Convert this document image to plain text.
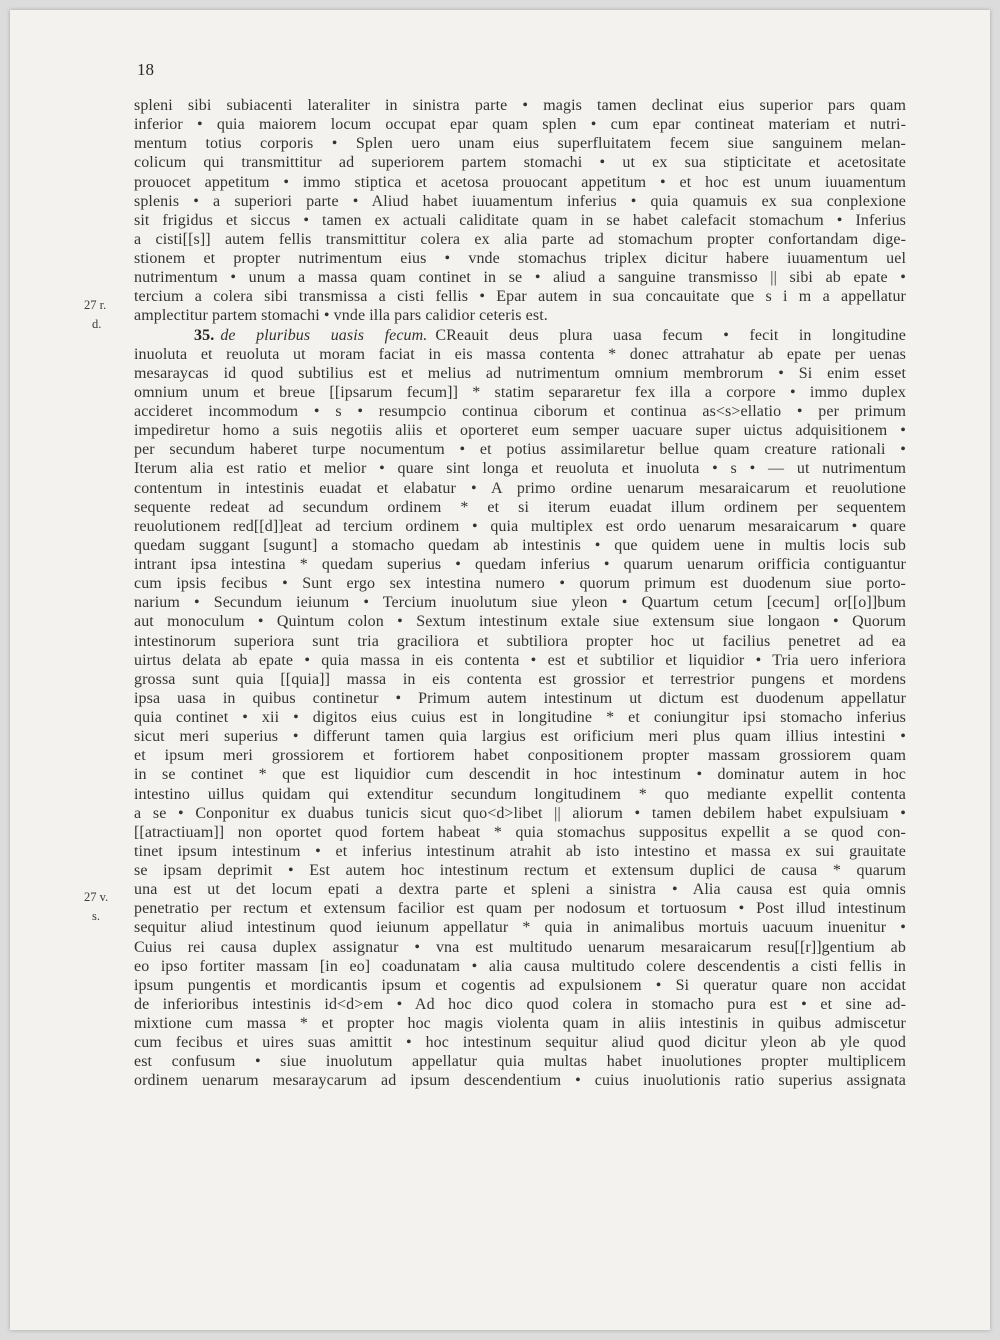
18
27 r.
d.
27 v.
s.
spleni sibi subiacenti lateraliter in sinistra parte • magis tamen declinat eius superior pars quam
inferior • quia maiorem locum occupat epar quam splen • cum epar contineat materiam et nutri-
mentum totius corporis • Splen uero unam eius superfluitatem fecem siue sanguinem melan-
colicum qui transmittitur ad superiorem partem stomachi • ut ex sua stipticitate et acetositate
prouocet appetitum • immo stiptica et acetosa prouocant appetitum • et hoc est unum iuuamentum
splenis • a superiori parte • Aliud habet iuuamentum inferius • quia quamuis ex sua conplexione
sit frigidus et siccus • tamen ex actuali caliditate quam in se habet calefacit stomachum • Inferius
a cisti[[s]] autem fellis transmittitur colera ex alia parte ad stomachum propter confortandam dige-
stionem et propter nutrimentum eius • vnde stomachus triplex dicitur habere iuuamentum uel
nutrimentum • unum a massa quam continet in se • aliud a sanguine transmisso || sibi ab epate •
tercium a colera sibi transmissa a cisti fellis • Epar autem in sua concauitate que s i m a appellatur
amplectitur partem stomachi • vnde illa pars calidior ceteris est.
35. de pluribus uasis fecum. CReauit deus plura uasa fecum • fecit in longitudine
inuoluta et reuoluta ut moram faciat in eis massa contenta * donec attrahatur ab epate per uenas
mesaraycas id quod subtilius est et melius ad nutrimentum omnium membrorum • Si enim esset
omnium unum et breue [[ipsarum fecum]] * statim separaretur fex illa a corpore • immo duplex
accideret incommodum • s • resumpcio continua ciborum et continua as<s>ellatio • per primum
impediretur homo a suis negotiis aliis et oporteret eum semper uacuare super uictus adquisitionem •
per secundum haberet turpe nocumentum • et potius assimilaretur bellue quam creature rationali •
Iterum alia est ratio et melior • quare sint longa et reuoluta et inuoluta • s • — ut nutrimentum
contentum in intestinis euadat et elabatur • A primo ordine uenarum mesaraicarum et reuolutione
sequente redeat ad secundum ordinem * et si iterum euadat illum ordinem per sequentem
reuolutionem red[[d]]eat ad tercium ordinem • quia multiplex est ordo uenarum mesaraicarum • quare
quedam suggant [sugunt] a stomacho quedam ab intestinis • que quidem uene in multis locis sub
intrant ipsa intestina * quedam superius • quedam inferius • quarum uenarum orifficia contiguantur
cum ipsis fecibus • Sunt ergo sex intestina numero • quorum primum est duodenum siue porto-
narium • Secundum ieiunum • Tercium inuolutum siue yleon • Quartum cetum [cecum] or[[o]]bum
aut monoculum • Quintum colon • Sextum intestinum extale siue extensum siue longaon • Quorum
intestinorum superiora sunt tria graciliora et subtiliora propter hoc ut facilius penetret ad ea
uirtus delata ab epate • quia massa in eis contenta • est et subtilior et liquidior • Tria uero inferiora
grossa sunt quia [[quia]] massa in eis contenta est grossior et terrestrior pungens et mordens
ipsa uasa in quibus continetur • Primum autem intestinum ut dictum est duodenum appellatur
quia continet • xii • digitos eius cuius est in longitudine * et coniungitur ipsi stomacho inferius
sicut meri superius • differunt tamen quia largius est orificium meri plus quam illius intestini •
et ipsum meri grossiorem et fortiorem habet conpositionem propter massam grossiorem quam
in se continet * que est liquidior cum descendit in hoc intestinum • dominatur autem in hoc
intestino uillus quidam qui extenditur secundum longitudinem * quo mediante expellit contenta
a se • Conponitur ex duabus tunicis sicut quo<d>libet || aliorum • tamen debilem habet expulsiuam •
[[atractiuam]] non oportet quod fortem habeat * quia stomachus suppositus expellit a se quod con-
tinet ipsum intestinum • et inferius intestinum atrahit ab isto intestino et massa ex sui grauitate
se ipsam deprimit • Est autem hoc intestinum rectum et extensum duplici de causa * quarum
una est ut det locum epati a dextra parte et spleni a sinistra • Alia causa est quia omnis
penetratio per rectum et extensum facilior est quam per nodosum et tortuosum • Post illud intestinum
sequitur aliud intestinum quod ieiunum appellatur * quia in animalibus mortuis uacuum inuenitur •
Cuius rei causa duplex assignatur • vna est multitudo uenarum mesaraicarum resu[[r]]gentium ab
eo ipso fortiter massam [in eo] coadunatam • alia causa multitudo colere descendentis a cisti fellis in
ipsum pungentis et mordicantis ipsum et cogentis ad expulsionem • Si queratur quare non accidat
de inferioribus intestinis id<d>em • Ad hoc dico quod colera in stomacho pura est • et sine ad-
mixtione cum massa * et propter hoc magis violenta quam in aliis intestinis in quibus admiscetur
cum fecibus et uires suas amittit • hoc intestinum sequitur aliud quod dicitur yleon ab yle quod
est confusum • siue inuolutum appellatur quia multas habet inuolutiones propter multiplicem
ordinem uenarum mesaraycarum ad ipsum descendentium • cuius inuolutionis ratio superius assignata
